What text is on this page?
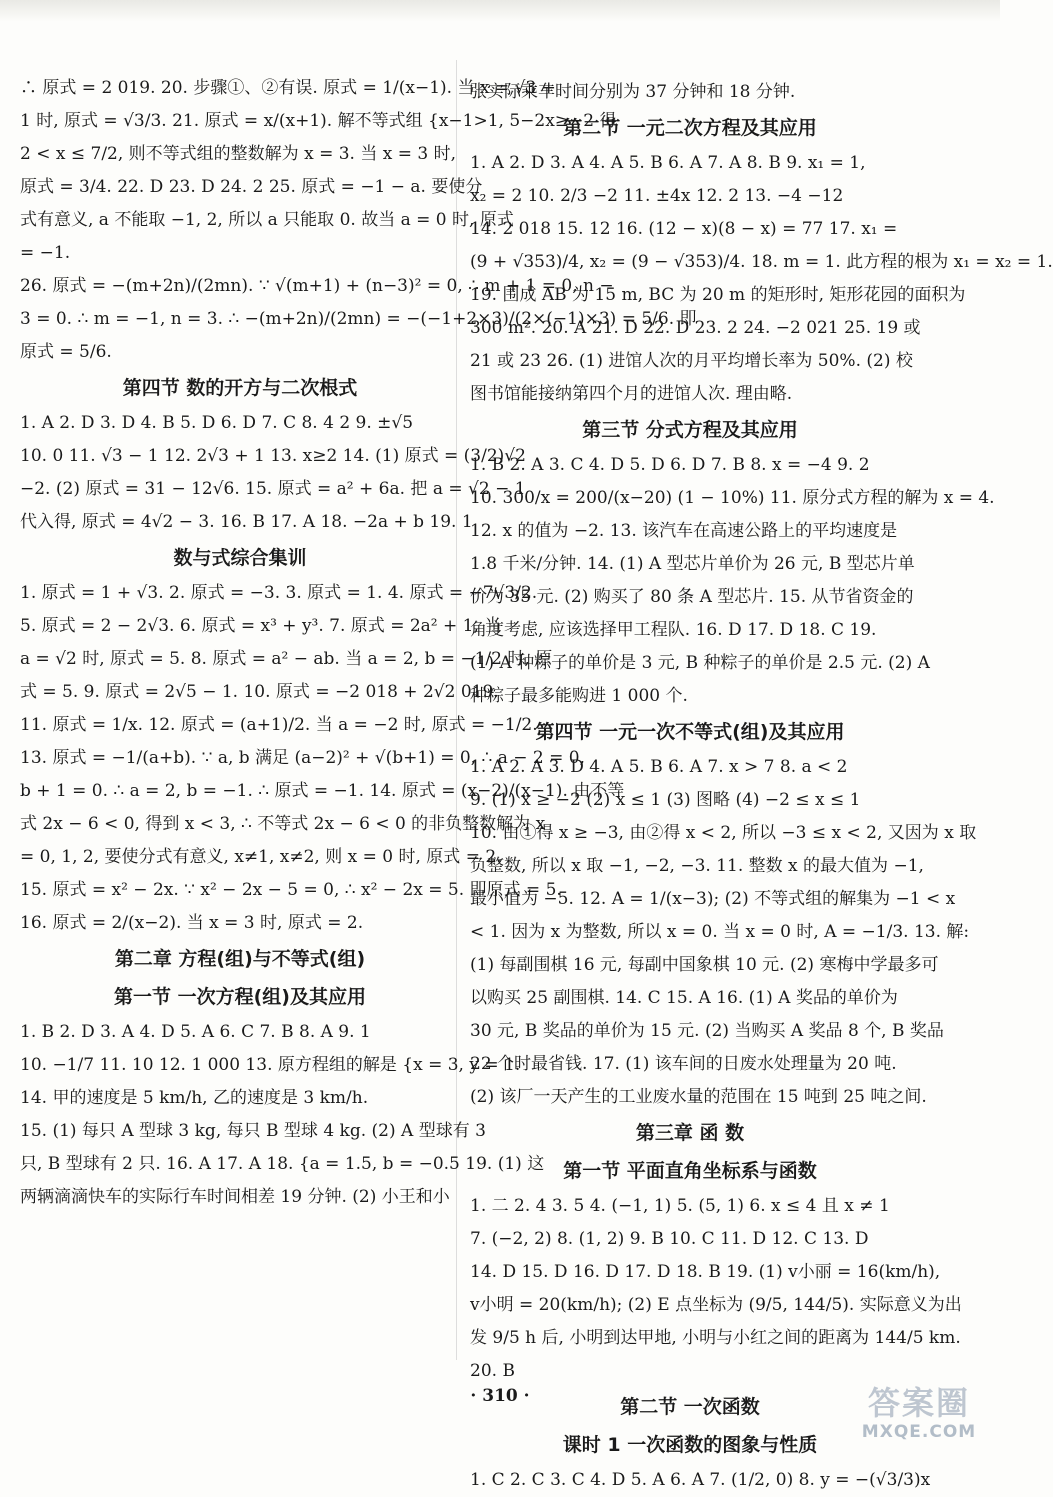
∴ 原式 = 2 019. 20. 步骤①、②有误. 原式 = 1/(x−1). 当 x = √3 +
1 时, 原式 = √3/3. 21. 原式 = x/(x+1). 解不等式组 {x−1>1, 5−2x≥−2 得
2 < x ≤ 7/2, 则不等式组的整数解为 x = 3. 当 x = 3 时,
原式 = 3/4. 22. D 23. D 24. 2 25. 原式 = −1 − a. 要使分
式有意义, a 不能取 −1, 2, 所以 a 只能取 0. 故当 a = 0 时, 原式
= −1.
26. 原式 = −(m+2n)/(2mn). ∵ √(m+1) + (n−3)² = 0, ∴ m + 1 = 0, n −
3 = 0. ∴ m = −1, n = 3. ∴ −(m+2n)/(2mn) = −(−1+2×3)/(2×(−1)×3) = 5/6. 即
原式 = 5/6.
第四节 数的开方与二次根式
1. A 2. D 3. D 4. B 5. D 6. D 7. C 8. 4 2 9. ±√5
10. 0 11. √3 − 1 12. 2√3 + 1 13. x≥2 14. (1) 原式 = (3/2)√2
−2. (2) 原式 = 31 − 12√6. 15. 原式 = a² + 6a. 把 a = √2 − 1
代入得, 原式 = 4√2 − 3. 16. B 17. A 18. −2a + b 19. 1
数与式综合集训
1. 原式 = 1 + √3. 2. 原式 = −3. 3. 原式 = 1. 4. 原式 = −7√3/2.
5. 原式 = 2 − 2√3. 6. 原式 = x³ + y³. 7. 原式 = 2a² + 1, 当
a = √2 时, 原式 = 5. 8. 原式 = a² − ab. 当 a = 2, b = −1/2 时, 原
式 = 5. 9. 原式 = 2√5 − 1. 10. 原式 = −2 018 + 2√2 019.
11. 原式 = 1/x. 12. 原式 = (a+1)/2. 当 a = −2 时, 原式 = −1/2.
13. 原式 = −1/(a+b). ∵ a, b 满足 (a−2)² + √(b+1) = 0, ∴ a − 2 = 0,
b + 1 = 0. ∴ a = 2, b = −1. ∴ 原式 = −1. 14. 原式 = (x−2)/(x−1). 由不等
式 2x − 6 < 0, 得到 x < 3, ∴ 不等式 2x − 6 < 0 的非负整数解为 x
= 0, 1, 2, 要使分式有意义, x≠1, x≠2, 则 x = 0 时, 原式 = 2.
15. 原式 = x² − 2x. ∵ x² − 2x − 5 = 0, ∴ x² − 2x = 5. 即原式 = 5.
16. 原式 = 2/(x−2). 当 x = 3 时, 原式 = 2.
第二章 方程(组)与不等式(组)
第一节 一次方程(组)及其应用
1. B 2. D 3. A 4. D 5. A 6. C 7. B 8. A 9. 1
10. −1/7 11. 10 12. 1 000 13. 原方程组的解是 {x = 3, y = 1.
14. 甲的速度是 5 km/h, 乙的速度是 3 km/h.
15. (1) 每只 A 型球 3 kg, 每只 B 型球 4 kg. (2) A 型球有 3
只, B 型球有 2 只. 16. A 17. A 18. {a = 1.5, b = −0.5 19. (1) 这
两辆滴滴快车的实际行车时间相差 19 分钟. (2) 小王和小
张实际乘车时间分别为 37 分钟和 18 分钟.
第二节 一元二次方程及其应用
1. A 2. D 3. A 4. A 5. B 6. A 7. A 8. B 9. x₁ = 1,
x₂ = 2 10. 2/3 −2 11. ±4x 12. 2 13. −4 −12
14. 2 018 15. 12 16. (12 − x)(8 − x) = 77 17. x₁ =
(9 + √353)/4, x₂ = (9 − √353)/4. 18. m = 1. 此方程的根为 x₁ = x₂ = 1.
19. 围成 AB 为 15 m, BC 为 20 m 的矩形时, 矩形花园的面积为
300 m². 20. A 21. D 22. D 23. 2 24. −2 021 25. 19 或
21 或 23 26. (1) 进馆人次的月平均增长率为 50%. (2) 校
图书馆能接纳第四个月的进馆人次. 理由略.
第三节 分式方程及其应用
1. B 2. A 3. C 4. D 5. D 6. D 7. B 8. x = −4 9. 2
10. 300/x = 200/(x−20) (1 − 10%) 11. 原分式方程的解为 x = 4.
12. x 的值为 −2. 13. 该汽车在高速公路上的平均速度是
1.8 千米/分钟. 14. (1) A 型芯片单价为 26 元, B 型芯片单
价为 35 元. (2) 购买了 80 条 A 型芯片. 15. 从节省资金的
角度考虑, 应该选择甲工程队. 16. D 17. D 18. C 19.
(1) A 种粽子的单价是 3 元, B 种粽子的单价是 2.5 元. (2) A
种粽子最多能购进 1 000 个.
第四节 一元一次不等式(组)及其应用
1. A 2. A 3. D 4. A 5. B 6. A 7. x > 7 8. a < 2
9. (1) x ≥ −2 (2) x ≤ 1 (3) 图略 (4) −2 ≤ x ≤ 1
10. 由①得 x ≥ −3, 由②得 x < 2, 所以 −3 ≤ x < 2, 又因为 x 取
负整数, 所以 x 取 −1, −2, −3. 11. 整数 x 的最大值为 −1,
最小值为 −5. 12. A = 1/(x−3); (2) 不等式组的解集为 −1 < x
< 1. 因为 x 为整数, 所以 x = 0. 当 x = 0 时, A = −1/3. 13. 解:
(1) 每副围棋 16 元, 每副中国象棋 10 元. (2) 寒梅中学最多可
以购买 25 副围棋. 14. C 15. A 16. (1) A 奖品的单价为
30 元, B 奖品的单价为 15 元. (2) 当购买 A 奖品 8 个, B 奖品
22 个时最省钱. 17. (1) 该车间的日废水处理量为 20 吨.
(2) 该厂一天产生的工业废水量的范围在 15 吨到 25 吨之间.
第三章 函 数
第一节 平面直角坐标系与函数
1. 二 2. 4 3. 5 4. (−1, 1) 5. (5, 1) 6. x ≤ 4 且 x ≠ 1
7. (−2, 2) 8. (1, 2) 9. B 10. C 11. D 12. C 13. D
14. D 15. D 16. D 17. D 18. B 19. (1) v小丽 = 16(km/h),
v小明 = 20(km/h); (2) E 点坐标为 (9/5, 144/5). 实际意义为出
发 9/5 h 后, 小明到达甲地, 小明与小红之间的距离为 144/5 km.
20. B
第二节 一次函数
课时 1 一次函数的图象与性质
1. C 2. C 3. C 4. D 5. A 6. A 7. (1/2, 0) 8. y = −(√3/3)x
· 310 ·	答案圈
MXQE.COM
